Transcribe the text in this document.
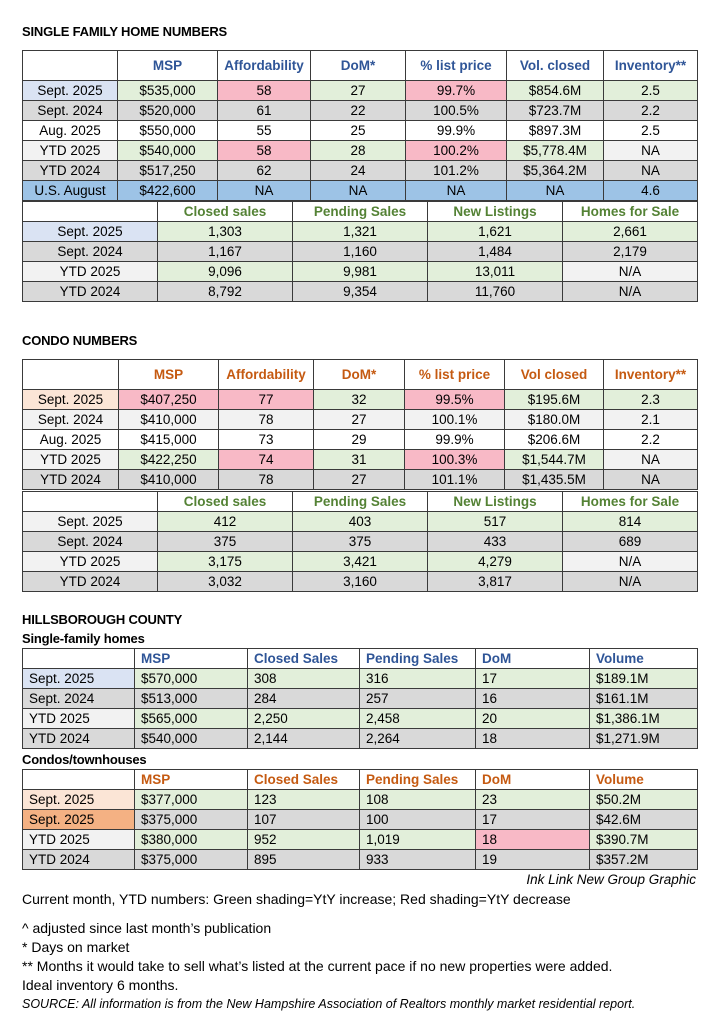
SINGLE FAMILY HOME NUMBERS
	MSP	Affordability	DoM*	% list price	Vol. closed	Inventory**
Sept. 2025	$535,000	58	27	99.7%	$854.6M	2.5
Sept. 2024	$520,000	61	22	100.5%	$723.7M	2.2
Aug. 2025	$550,000	55	25	99.9%	$897.3M	2.5
YTD 2025	$540,000	58	28	100.2%	$5,778.4M	NA
YTD 2024	$517,250	62	24	101.2%	$5,364.2M	NA
U.S. August	$422,600	NA	NA	NA	NA	4.6
	Closed sales	Pending Sales	New Listings	Homes for Sale
Sept. 2025	1,303	1,321	1,621	2,661
Sept. 2024	1,167	1,160	1,484	2,179
YTD 2025	9,096	9,981	13,011	N/A
YTD 2024	8,792	9,354	11,760	N/A
CONDO NUMBERS
	MSP	Affordability	DoM*	% list price	Vol closed	Inventory**
Sept. 2025	$407,250	77	32	99.5%	$195.6M	2.3
Sept. 2024	$410,000	78	27	100.1%	$180.0M	2.1
Aug. 2025	$415,000	73	29	99.9%	$206.6M	2.2
YTD 2025	$422,250	74	31	100.3%	$1,544.7M	NA
YTD 2024	$410,000	78	27	101.1%	$1,435.5M	NA
	Closed sales	Pending Sales	New Listings	Homes for Sale
Sept. 2025	412	403	517	814
Sept. 2024	375	375	433	689
YTD 2025	3,175	3,421	4,279	N/A
YTD 2024	3,032	3,160	3,817	N/A
HILLSBOROUGH COUNTY
Single-family homes
	MSP	Closed Sales	Pending Sales	DoM	Volume
Sept. 2025	$570,000	308	316	17	$189.1M
Sept. 2024	$513,000	284	257	16	$161.1M
YTD 2025	$565,000	2,250	2,458	20	$1,386.1M
YTD 2024	$540,000	2,144	2,264	18	$1,271.9M
Condos/townhouses
	MSP	Closed Sales	Pending Sales	DoM	Volume
Sept. 2025	$377,000	123	108	23	$50.2M
Sept. 2025	$375,000	107	100	17	$42.6M
YTD 2025	$380,000	952	1,019	18	$390.7M
YTD 2024	$375,000	895	933	19	$357.2M
Ink Link New Group Graphic
Current month, YTD numbers: Green shading=YtY increase; Red shading=YtY decrease
^ adjusted since last month’s publication
* Days on market
** Months it would take to sell what’s listed at the current pace if no new properties were added.
Ideal inventory 6 months.
SOURCE: All information is from the New Hampshire Association of Realtors monthly market residential report.
